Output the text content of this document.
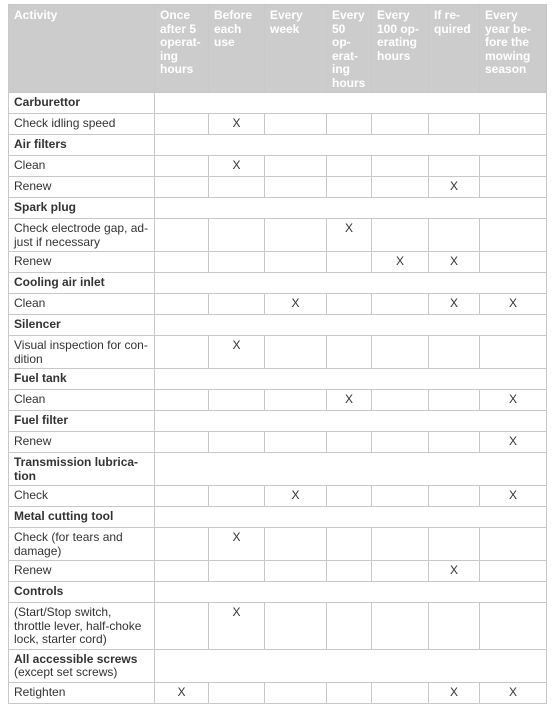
Activity	Once after 5 operat-ing hours	Before each use	Every week	Every 50 op-erat-ing hours	Every 100 op-erating hours	If re-quired	Every year be-fore the mowing season
Carburettor							
Check idling speed		X					
Air filters							
Clean		X					
Renew						X	
Spark plug							
Check electrode gap, ad-just if necessary				X			
Renew					X	X	
Cooling air inlet							
Clean			X			X	X
Silencer							
Visual inspection for con-dition		X					
Fuel tank							
Clean				X			X
Fuel filter							
Renew							X
Transmission lubrica-tion							
Check			X				X
Metal cutting tool							
Check (for tears and damage)		X					
Renew						X	
Controls							
(Start/Stop switch, throttle lever, half-choke lock, starter cord)		X					
All accessible screws (except set screws)							
Retighten	X					X	X
